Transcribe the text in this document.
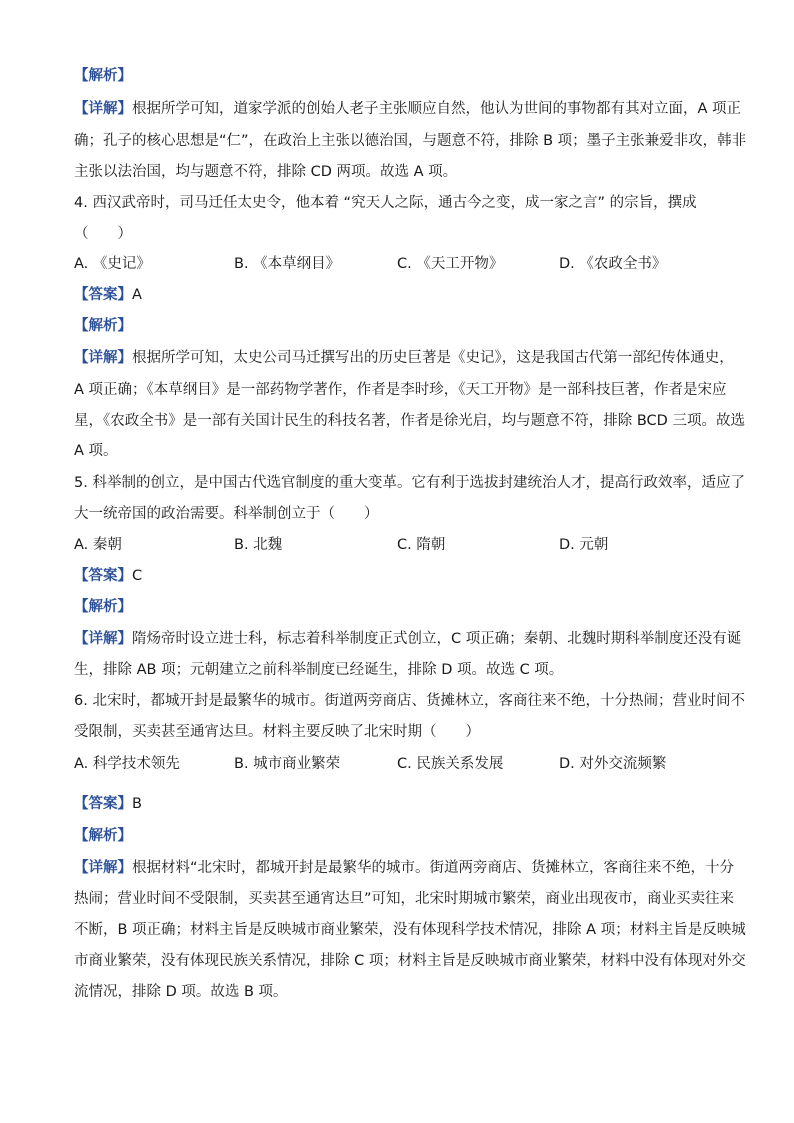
【解析】
【详解】根据所学可知，道家学派的创始人老子主张顺应自然，他认为世间的事物都有其对立面，A 项正
确；孔子的核心思想是“仁”，在政治上主张以德治国，与题意不符，排除 B 项；墨子主张兼爱非攻，韩非
主张以法治国，均与题意不符，排除 CD 两项。故选 A 项。
4. 西汉武帝时，司马迁任太史令，他本着 “究天人之际，通古今之变，成一家之言” 的宗旨，撰成
（　　）
A. 《史记》	B. 《本草纲目》	C. 《天工开物》	D. 《农政全书》
【答案】A
【解析】
【详解】根据所学可知，太史公司马迁撰写出的历史巨著是《史记》，这是我国古代第一部纪传体通史，
A 项正确；《本草纲目》是一部药物学著作，作者是李时珍，《天工开物》是一部科技巨著，作者是宋应
星，《农政全书》是一部有关国计民生的科技名著，作者是徐光启，均与题意不符，排除 BCD 三项。故选
A 项。
5. 科举制的创立，是中国古代选官制度的重大变革。它有利于选拔封建统治人才，提高行政效率，适应了
大一统帝国的政治需要。科举制创立于（　　）
A. 秦朝	B. 北魏	C. 隋朝	D. 元朝
【答案】C
【解析】
【详解】隋炀帝时设立进士科，标志着科举制度正式创立，C 项正确；秦朝、北魏时期科举制度还没有诞
生，排除 AB 项；元朝建立之前科举制度已经诞生，排除 D 项。故选 C 项。
6. 北宋时，都城开封是最繁华的城市。街道两旁商店、货摊林立，客商往来不绝，十分热闹；营业时间不
受限制，买卖甚至通宵达旦。材料主要反映了北宋时期（　　）
A. 科学技术领先	B. 城市商业繁荣	C. 民族关系发展	D. 对外交流频繁
【答案】B
【解析】
【详解】根据材料“北宋时，都城开封是最繁华的城市。街道两旁商店、货摊林立，客商往来不绝，十分
热闹；营业时间不受限制，买卖甚至通宵达旦”可知，北宋时期城市繁荣，商业出现夜市，商业买卖往来
不断，B 项正确；材料主旨是反映城市商业繁荣，没有体现科学技术情况，排除 A 项；材料主旨是反映城
市商业繁荣，没有体现民族关系情况，排除 C 项；材料主旨是反映城市商业繁荣，材料中没有体现对外交
流情况，排除 D 项。故选 B 项。
